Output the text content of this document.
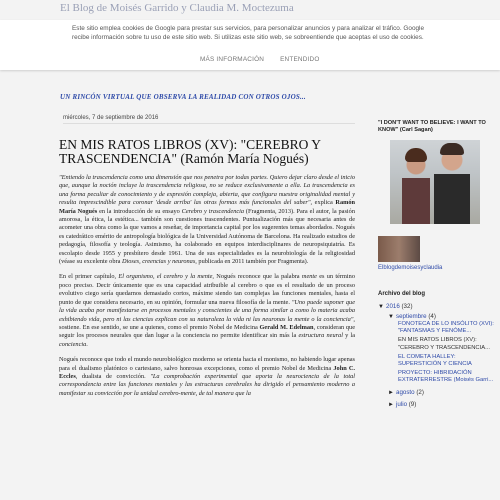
El Blog de Moisés Garrido y Claudia M. Moctezuma
Este sitio emplea cookies de Google para prestar sus servicios, para personalizar anuncios y para analizar el tráfico. Google recibe información sobre tu uso de este sitio web. Si utilizas este sitio web, se sobreentiende que aceptas el uso de cookies.
MÁS INFORMACIÓN ENTENDIDO
UN RINCÓN VIRTUAL QUE OBSERVA LA REALIDAD CON OTROS OJOS...
miércoles, 7 de septiembre de 2016
EN MIS RATOS LIBROS (XV): "CEREBRO Y TRASCENDENCIA" (Ramón María Nogués)

"Entiendo la trascendencia como una dimensión que nos penetra por todas partes. Quiero dejar claro desde el inicio que, aunque la noción incluye la trascendencia religiosa, no se reduce exclusivamente a ella. La trascendencia es una forma peculiar de conocimiento y de expresión compleja, abierta, que configura nuestra originalidad mental y resulta imprescindible para coronar 'desde arriba' las otras formas más funcionales del saber", explica Ramón María Nogués en la introducción de su ensayo Cerebro y trascendencia (Fragmenta, 2013). Para el autor, la pasión amorosa, la ética, la estética... también son cuestiones trascendentes. Puntualización más que necesaria antes de acometer una obra como la que vamos a reseñar, de importancia capital por los sugerentes temas abordados. Nogués es catedrático emérito de antropología biológica de la Universidad Autónoma de Barcelona. Ha realizado estudios de pedagogía, filosofía y teología. Asimismo, ha colaborado en equipos interdisciplinares de neuropsiquiatría. Es escolapio desde 1955 y presbítero desde 1961. Una de sus especialidades es la neurobiología de la religiosidad (véase su excelente obra Dioses, creencias y neuronas, publicada en 2011 también por Fragmenta).

En el primer capítulo, El organismo, el cerebro y la mente, Nogués reconoce que la palabra mente es un término poco preciso. Decir únicamente que es una capacidad atribuible al cerebro o que es el resultado de un proceso evolutivo ciego sería quedarnos demasiado cortos, máxime siendo tan complejas las funciones mentales, hasta el punto de que considera necesario, en su opinión, formular una nueva filosofía de la mente. "Uno puede suponer que la vida acaba por manifestarse en procesos mentales y conscientes de una forma similar a como lo materia acaba exhibiendo vida, pero ni las ciencias explican con su naturaleza la vida ni las neuronas la mente o la conciencia", sostiene. En ese sentido, se une a quienes, como el premio Nobel de Medicina Gerald M. Edelman, consideran que seguir los procesos neurales que dan lugar a la conciencia no permite identificar sin más la estructura neural y la conciencia.

Nogués reconoce que todo el mundo neurobiológico moderno se orienta hacia el monismo, no habiendo lugar apenas para el dualismo platónico o cartesiano, salvo honrosas excepciones, como el premio Nobel de Medicina John C. Eccles, dualista de convicción. "La comprobación experimental que aporta la neurociencia de la total correspondencia entre las funciones mentales y las estructuras cerebrales ha dirigido el pensamiento moderno a manifestar su convicción por la unidad cerebro-mente, de tal manera que la

"I DON'T WANT TO BELIEVE: I WANT TO KNOW" (Carl Sagan)
Elblogdemoisesyclaudia
Archivo del blog
▼ 2016 (32)
▼ septiembre (4)
FONOTECA DE LO INSÓLITO (XVI): "FANTASMAS Y FENÓME...
EN MIS RATOS LIBROS (XV): "CEREBRO Y TRASCENDENCIA...
EL COMETA HALLEY: SUPERSTICIÓN Y CIENCIA
PROYECTO: HIBRIDACIÓN EXTRATERRESTRE (Moisés Garri...
► agosto (2)
► julio (9)
